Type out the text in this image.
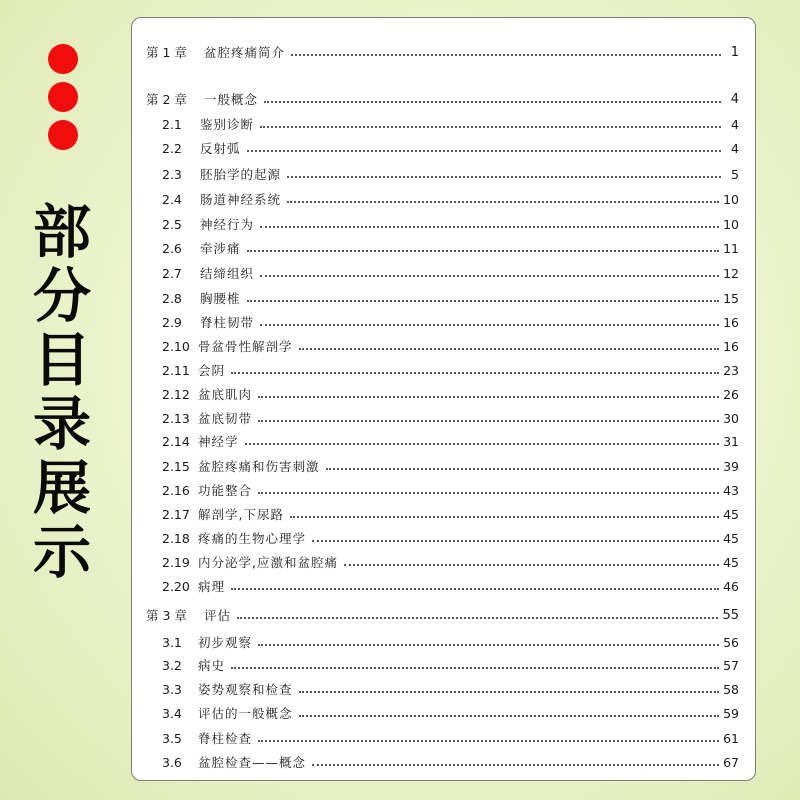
部分目录展示
第 1 章	盆腔疼痛简介	1
第 2 章	一般概念	4
2.1	鉴别诊断	4
2.2	反射弧	4
2.3	胚胎学的起源	5
2.4	肠道神经系统	10
2.5	神经行为	10
2.6	牵涉痛	11
2.7	结缔组织	12
2.8	胸腰椎	15
2.9	脊柱韧带	16
2.10 骨盆骨性解剖学	16
2.11 会阴	23
2.12 盆底肌肉	26
2.13 盆底韧带	30
2.14 神经学	31
2.15 盆腔疼痛和伤害刺激	39
2.16 功能整合	43
2.17 解剖学,下尿路	45
2.18 疼痛的生物心理学	45
2.19 内分泌学,应激和盆腔痛	45
2.20 病理	46
第 3 章	评估	55
3.1	初步观察	56
3.2	病史	57
3.3	姿势观察和检查	58
3.4	评估的一般概念	59
3.5	脊柱检查	61
3.6	盆腔检查——概念	67
